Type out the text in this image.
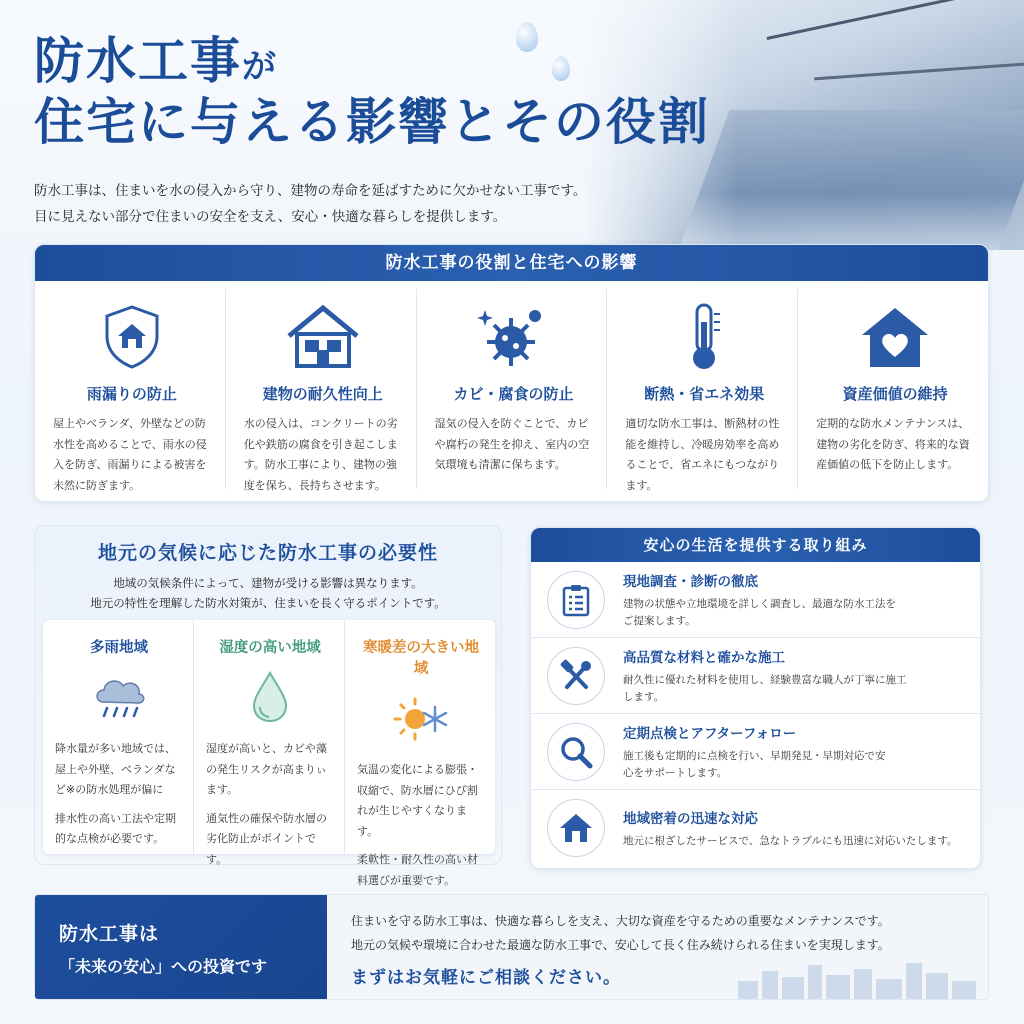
防水工事が
住宅に与える影響とその役割
防水工事は、住まいを水の侵入から守り、建物の寿命を延ばすために欠かせない工事です。
目に見えない部分で住まいの安全を支え、安心・快適な暮らしを提供します。
防水工事の役割と住宅への影響
雨漏りの防止
屋上やベランダ、外壁などの防水性を高めることで、雨水の侵入を防ぎ、雨漏りによる被害を未然に防ぎます。
建物の耐久性向上
水の侵入は、コンクリートの劣化や鉄筋の腐食を引き起こします。防水工事により、建物の強度を保ち、長持ちさせます。
カビ・腐食の防止
湿気の侵入を防ぐことで、カビや腐朽の発生を抑え、室内の空気環境も清潔に保ちます。
断熱・省エネ効果
適切な防水工事は、断熱材の性能を維持し、冷暖房効率を高めることで、省エネにもつながります。
資産価値の維持
定期的な防水メンテナンスは、建物の劣化を防ぎ、将来的な資産価値の低下を防止します。
地元の気候に応じた防水工事の必要性
地域の気候条件によって、建物が受ける影響は異なります。
地元の特性を理解した防水対策が、住まいを長く守るポイントです。
多雨地域
降水量が多い地域では、屋上や外壁、ベランダなど※の防水処理が偏に
排水性の高い工法や定期的な点検が必要です。
湿度の高い地域
湿度が高いと、カビや藻の発生リスクが高まりぃます。
通気性の確保や防水層の劣化防止がポイントです。
寒暖差の大きい地域
気温の変化による膨張・収縮で、防水層にひび割れが生じやすくなります。
柔軟性・耐久性の高い材料選びが重要です。
安心の生活を提供する取り組み
現地調査・診断の徹底
建物の状態や立地環境を詳しく調査し、最適な防水工法を
ご提案します。
高品質な材料と確かな施工
耐久性に優れた材料を使用し、経験豊富な職人が丁寧に施工
します。
定期点検とアフターフォロー
施工後も定期的に点検を行い、早期発見・早期対応で安
心をサポートします。
地域密着の迅速な対応
地元に根ざしたサービスで、急なトラブルにも迅速に対応いたします。
防水工事は
「未来の安心」への投資です
住まいを守る防水工事は、快適な暮らしを支え、大切な資産を守るための重要なメンテナンスです。
地元の気候や環境に合わせた最適な防水工事で、安心して長く住み続けられる住まいを実現します。
まずはお気軽にご相談ください。
